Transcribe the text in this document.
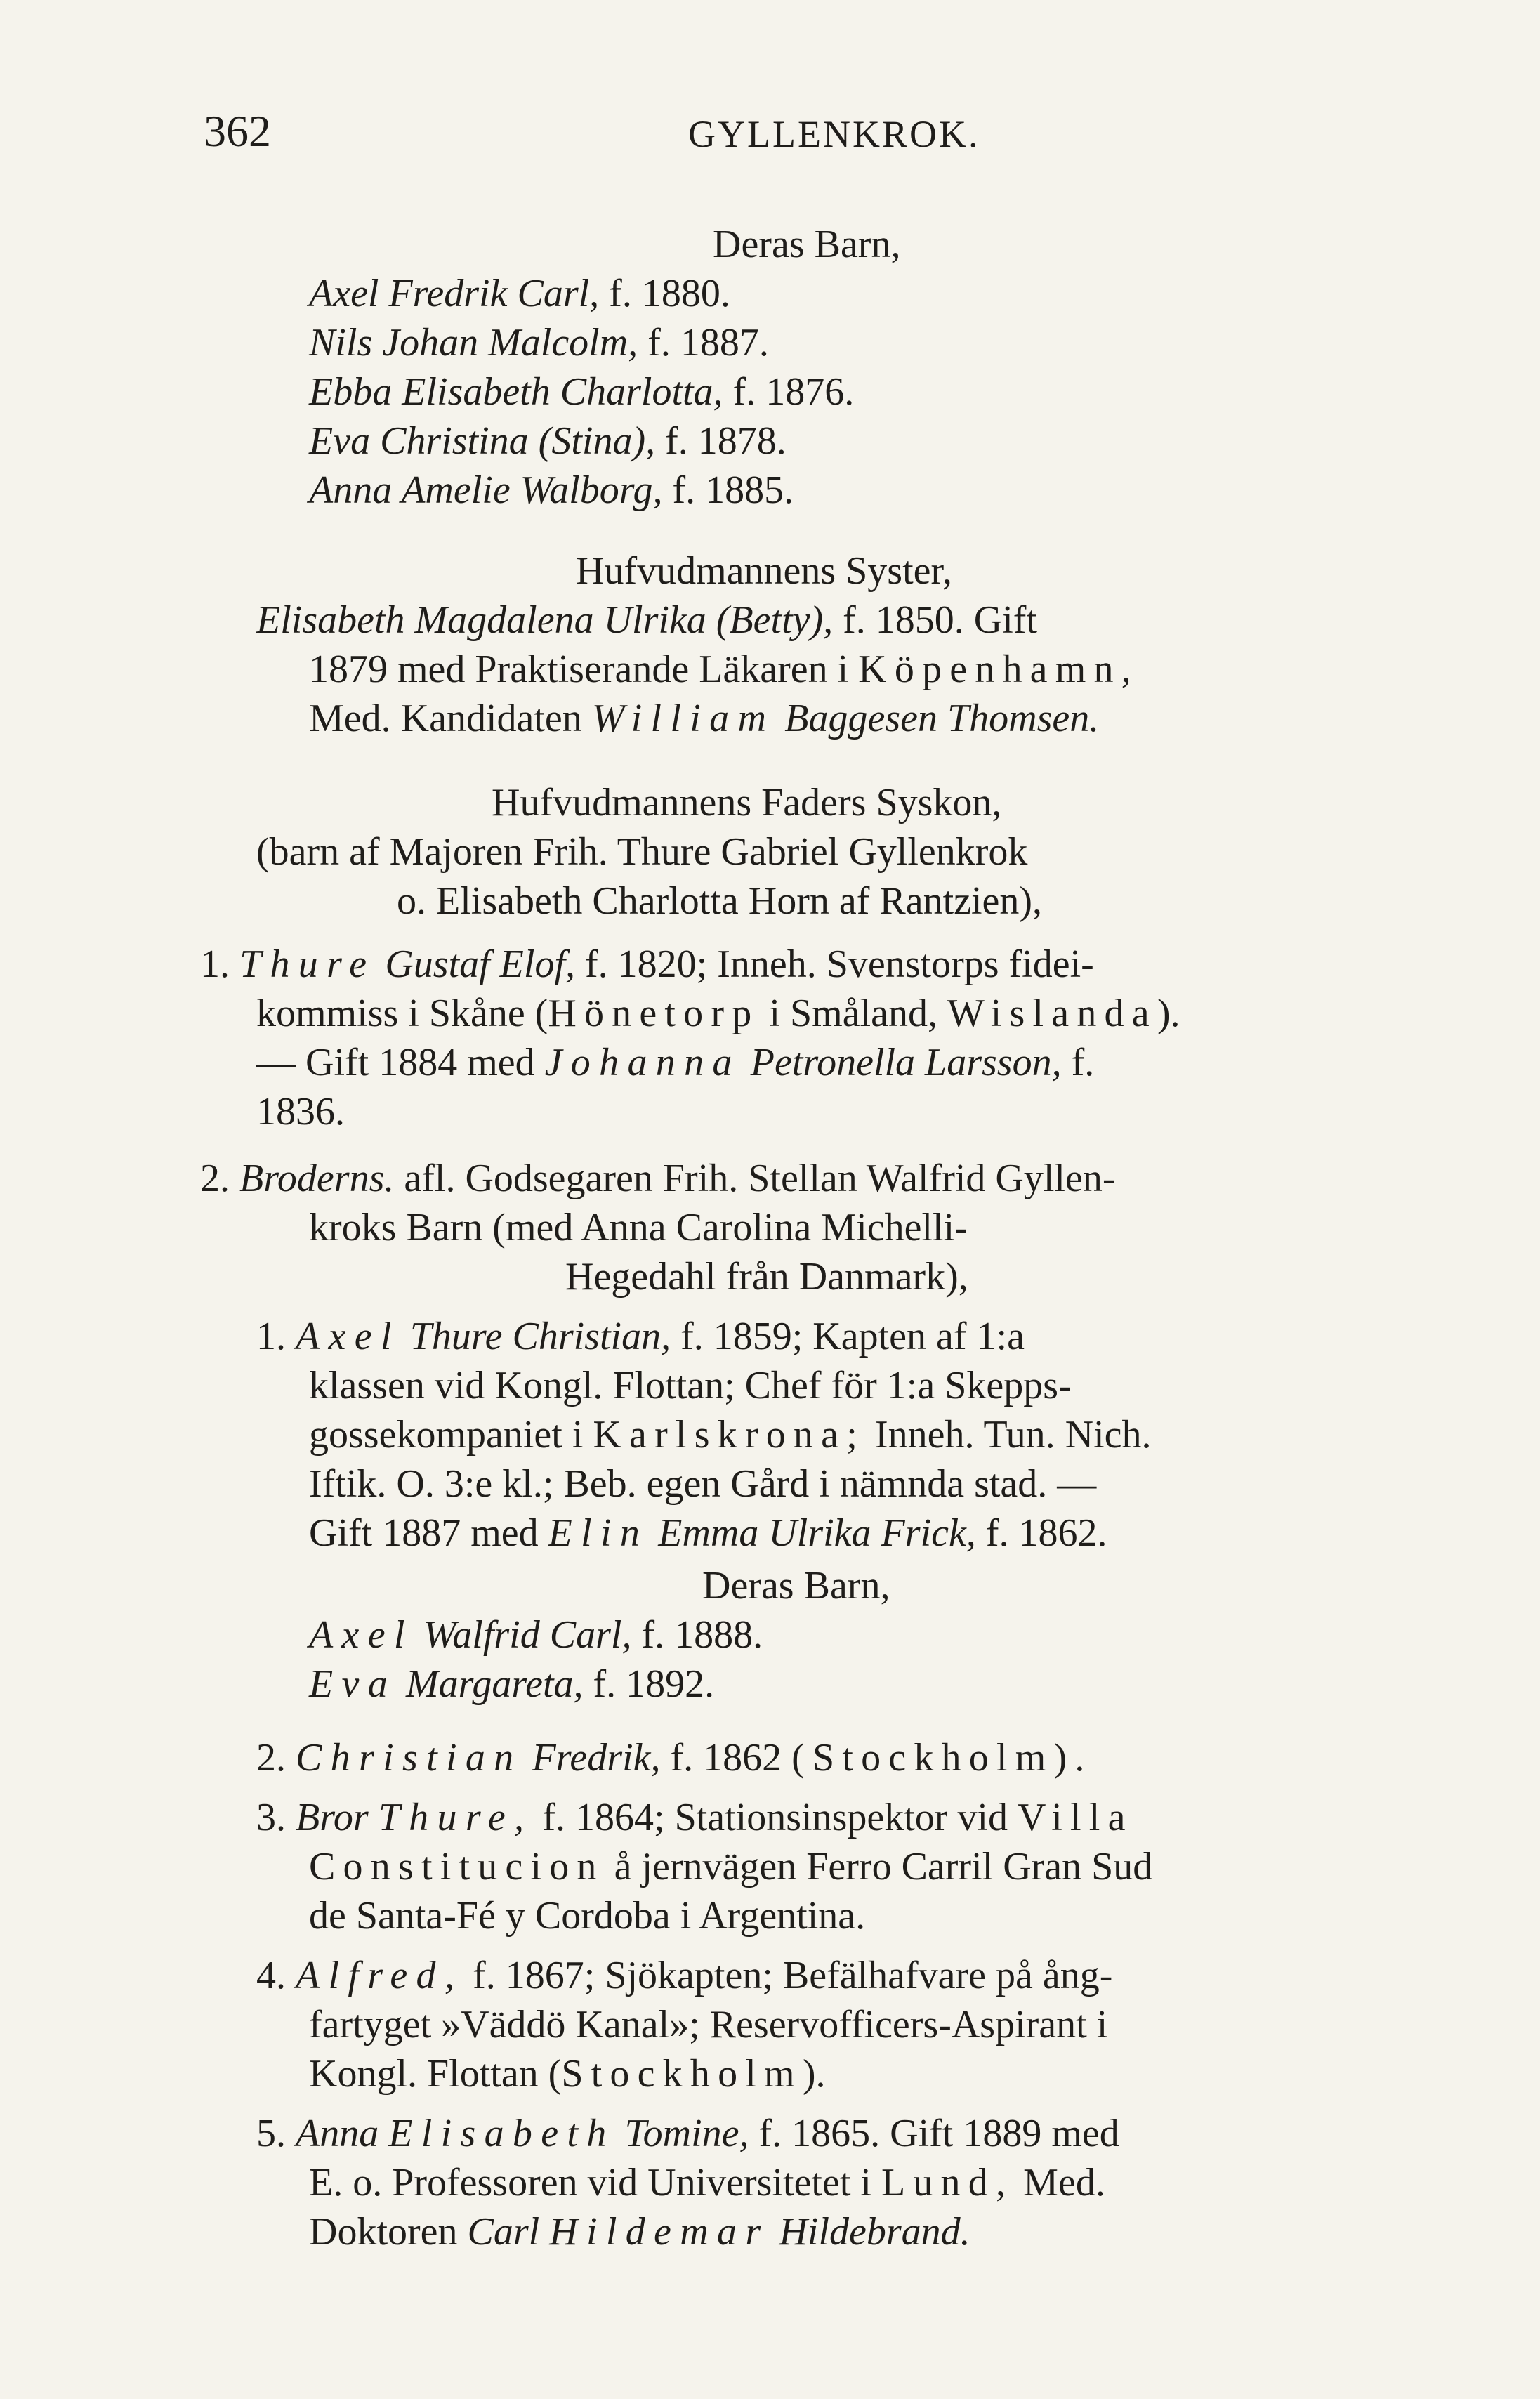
362	GYLLENKROK.
Deras Barn,
Axel Fredrik Carl, f. 1880.
Nils Johan Malcolm, f. 1887.
Ebba Elisabeth Charlotta, f. 1876.
Eva Christina (Stina), f. 1878.
Anna Amelie Walborg, f. 1885.
Hufvudmannens Syster,
Elisabeth Magdalena Ulrika (Betty), f. 1850. Gift
1879 med Praktiserande Läkaren i Köpenhamn,
Med. Kandidaten William Baggesen Thomsen.
Hufvudmannens Faders Syskon,
(barn af Majoren Frih. Thure Gabriel Gyllenkrok
o. Elisabeth Charlotta Horn af Rantzien),
1. Thure Gustaf Elof, f. 1820; Inneh. Svenstorps fidei-
kommiss i Skåne (Hönetorp i Småland, Wislanda).
— Gift 1884 med Johanna Petronella Larsson, f.
1836.
2. Broderns. afl. Godsegaren Frih. Stellan Walfrid Gyllen-
kroks Barn (med Anna Carolina Michelli-
Hegedahl från Danmark),
1. Axel Thure Christian, f. 1859; Kapten af 1:a
klassen vid Kongl. Flottan; Chef för 1:a Skepps-
gossekompaniet i Karlskrona; Inneh. Tun. Nich.
Iftik. O. 3:e kl.; Beb. egen Gård i nämnda stad. —
Gift 1887 med Elin Emma Ulrika Frick, f. 1862.
Deras Barn,
Axel Walfrid Carl, f. 1888.
Eva Margareta, f. 1892.
2. Christian Fredrik, f. 1862 (Stockholm).
3. Bror Thure, f. 1864; Stationsinspektor vid Villa
Constitucion å jernvägen Ferro Carril Gran Sud
de Santa-Fé y Cordoba i Argentina.
4. Alfred, f. 1867; Sjökapten; Befälhafvare på ång-
fartyget »Väddö Kanal»; Reservofficers-Aspirant i
Kongl. Flottan (Stockholm).
5. Anna Elisabeth Tomine, f. 1865. Gift 1889 med
E. o. Professoren vid Universitetet i Lund, Med.
Doktoren Carl Hildemar Hildebrand.
